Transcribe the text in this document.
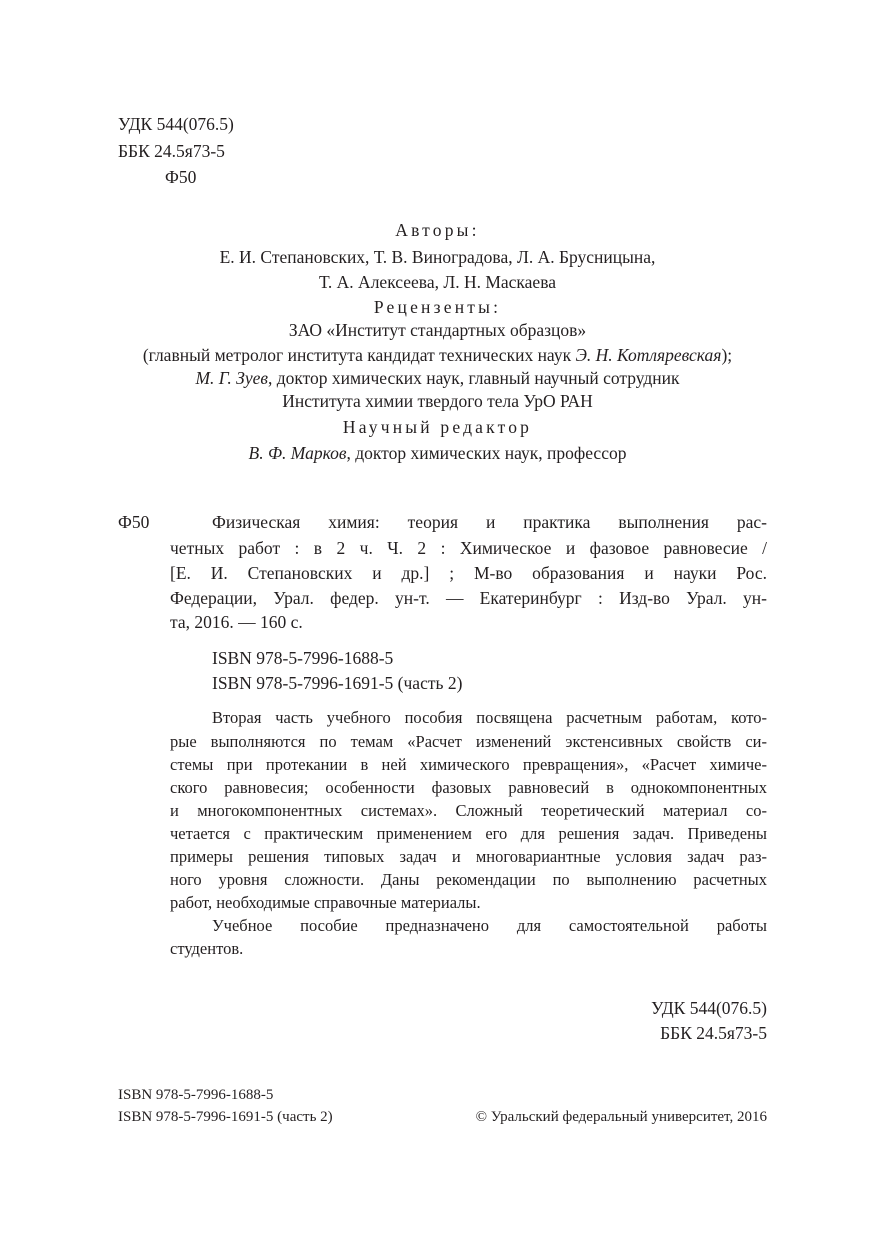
УДК 544(076.5)
ББК 24.5я73-5
Ф50
Авторы:
Е. И. Степановских, Т. В. Виноградова, Л. А. Брусницына,
Т. А. Алексеева, Л. Н. Маскаева
Рецензенты:
ЗАО «Институт стандартных образцов»
(главный метролог института кандидат технических наук Э. Н. Котляревская);
М. Г. Зуев, доктор химических наук, главный научный сотрудник
Института химии твердого тела УрО РАН
Научный редактор
В. Ф. Марков, доктор химических наук, профессор
Ф50	Физическая химия: теория и практика выполнения рас-
четных работ : в 2 ч. Ч. 2 : Химическое и фазовое равновесие /
[Е. И. Степановских и др.] ; М-во образования и науки Рос.
Федерации, Урал. федер. ун-т. — Екатеринбург : Изд-во Урал. ун-
та, 2016. — 160 с.
ISBN 978-5-7996-1688-5
ISBN 978-5-7996-1691-5 (часть 2)
Вторая часть учебного пособия посвящена расчетным работам, кото-
рые выполняются по темам «Расчет изменений экстенсивных свойств си-
стемы при протекании в ней химического превращения», «Расчет химиче-
ского равновесия; особенности фазовых равновесий в однокомпонентных
и многокомпонентных системах». Сложный теоретический материал со-
четается с практическим применением его для решения задач. Приведены
примеры решения типовых задач и многовариантные условия задач раз-
ного уровня сложности. Даны рекомендации по выполнению расчетных
работ, необходимые справочные материалы.
Учебное пособие предназначено для самостоятельной работы
студентов.
УДК 544(076.5)
ББК 24.5я73-5
ISBN 978-5-7996-1688-5
ISBN 978-5-7996-1691-5 (часть 2)	© Уральский федеральный университет, 2016
